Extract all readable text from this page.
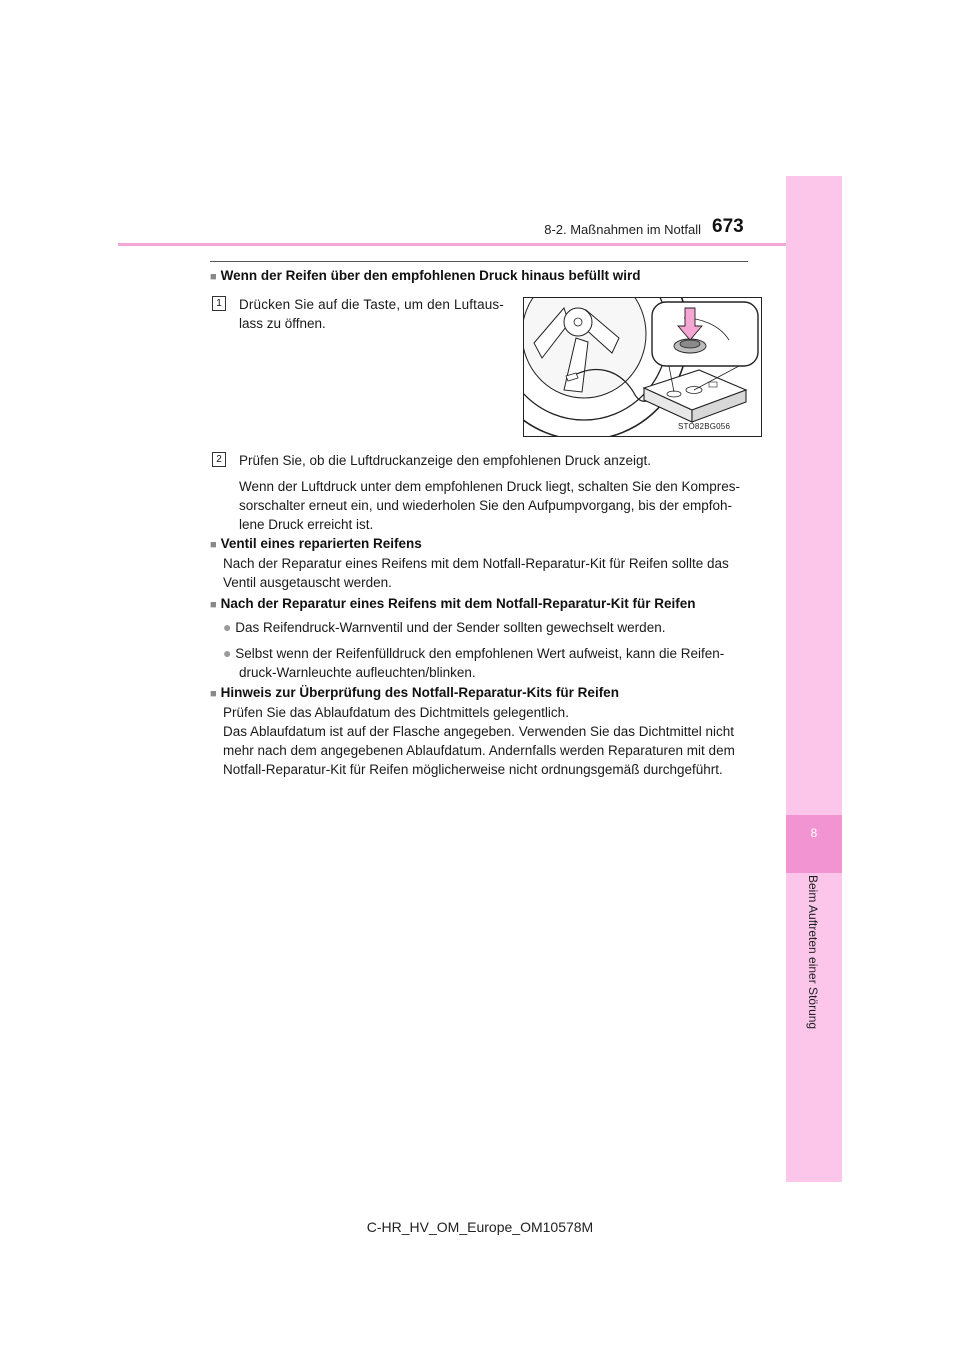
8-2. Maßnahmen im Notfall 673
8
Beim Auftreten einer Störung
■ Wenn der Reifen über den empfohlenen Druck hinaus befüllt wird
1	Drücken Sie auf die Taste, um den Luftaus-
lass zu öffnen.
STO82BG056
2	Prüfen Sie, ob die Luftdruckanzeige den empfohlenen Druck anzeigt.
Wenn der Luftdruck unter dem empfohlenen Druck liegt, schalten Sie den Kompres-
sorschalter erneut ein, und wiederholen Sie den Aufpumpvorgang, bis der empfoh-
lene Druck erreicht ist.
■ Ventil eines reparierten Reifens
Nach der Reparatur eines Reifens mit dem Notfall-Reparatur-Kit für Reifen sollte das
Ventil ausgetauscht werden.
■ Nach der Reparatur eines Reifens mit dem Notfall-Reparatur-Kit für Reifen
● Das Reifendruck-Warnventil und der Sender sollten gewechselt werden.
● Selbst wenn der Reifenfülldruck den empfohlenen Wert aufweist, kann die Reifen-
druck-Warnleuchte aufleuchten/blinken.
■ Hinweis zur Überprüfung des Notfall-Reparatur-Kits für Reifen
Prüfen Sie das Ablaufdatum des Dichtmittels gelegentlich.
Das Ablaufdatum ist auf der Flasche angegeben. Verwenden Sie das Dichtmittel nicht
mehr nach dem angegebenen Ablaufdatum. Andernfalls werden Reparaturen mit dem
Notfall-Reparatur-Kit für Reifen möglicherweise nicht ordnungsgemäß durchgeführt.
C-HR_HV_OM_Europe_OM10578M
